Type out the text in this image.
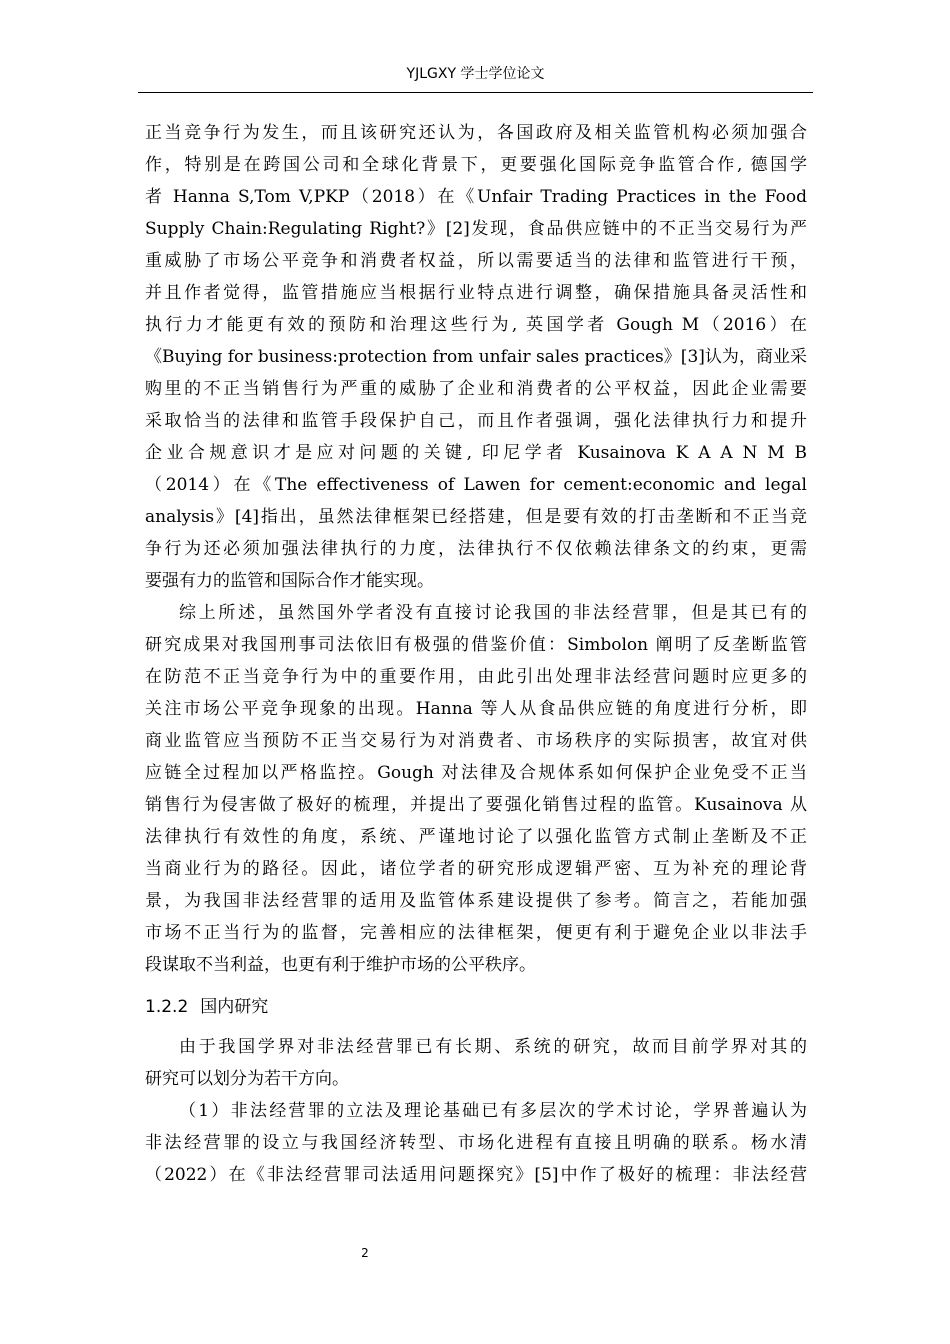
YJLGXY 学士学位论文
正当竞争行为发生，而且该研究还认为，各国政府及相关监管机构必须加强合
作，特别是在跨国公司和全球化背景下，更要强化国际竞争监管合作, 德国学
者 Hanna S,Tom V,PKP（2018）在《Unfair Trading Practices in the Food
Supply Chain:Regulating Right?》[2]发现，食品供应链中的不正当交易行为严
重威胁了市场公平竞争和消费者权益，所以需要适当的法律和监管进行干预，
并且作者觉得，监管措施应当根据行业特点进行调整，确保措施具备灵活性和
执行力才能更有效的预防和治理这些行为, 英国学者 Gough M（2016）在
《Buying for business:protection from unfair sales practices》[3]认为，商业采
购里的不正当销售行为严重的威胁了企业和消费者的公平权益，因此企业需要
采取恰当的法律和监管手段保护自己，而且作者强调，强化法律执行力和提升
企业合规意识才是应对问题的关键, 印尼学者 Kusainova K A A N M B
（2014）在《The effectiveness of Lawen for cement:economic and legal
analysis》[4]指出，虽然法律框架已经搭建，但是要有效的打击垄断和不正当竞
争行为还必须加强法律执行的力度，法律执行不仅依赖法律条文的约束，更需
要强有力的监管和国际合作才能实现。
综上所述，虽然国外学者没有直接讨论我国的非法经营罪，但是其已有的
研究成果对我国刑事司法依旧有极强的借鉴价值：Simbolon 阐明了反垄断监管
在防范不正当竞争行为中的重要作用，由此引出处理非法经营问题时应更多的
关注市场公平竞争现象的出现。Hanna 等人从食品供应链的角度进行分析，即
商业监管应当预防不正当交易行为对消费者、市场秩序的实际损害，故宜对供
应链全过程加以严格监控。Gough 对法律及合规体系如何保护企业免受不正当
销售行为侵害做了极好的梳理，并提出了要强化销售过程的监管。Kusainova 从
法律执行有效性的角度，系统、严谨地讨论了以强化监管方式制止垄断及不正
当商业行为的路径。因此，诸位学者的研究形成逻辑严密、互为补充的理论背
景，为我国非法经营罪的适用及监管体系建设提供了参考。简言之，若能加强
市场不正当行为的监督，完善相应的法律框架，便更有利于避免企业以非法手
段谋取不当利益，也更有利于维护市场的公平秩序。
1.2.2 国内研究
由于我国学界对非法经营罪已有长期、系统的研究，故而目前学界对其的
研究可以划分为若干方向。
（1）非法经营罪的立法及理论基础已有多层次的学术讨论，学界普遍认为
非法经营罪的设立与我国经济转型、市场化进程有直接且明确的联系。杨水清
（2022）在《非法经营罪司法适用问题探究》[5]中作了极好的梳理：非法经营
2
